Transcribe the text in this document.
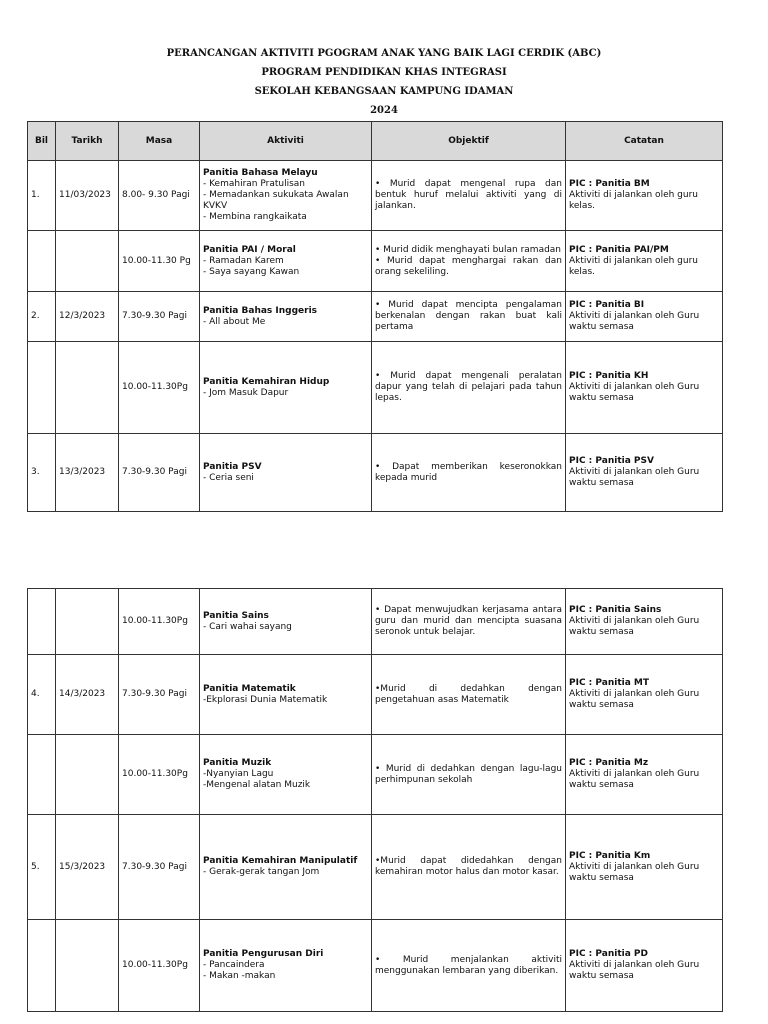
PERANCANGAN AKTIVITI PGOGRAM ANAK YANG BAIK LAGI CERDIK (ABC)
PROGRAM PENDIDIKAN KHAS INTEGRASI
SEKOLAH KEBANGSAAN KAMPUNG IDAMAN
2024
Bil	Tarikh	Masa	Aktiviti	Objektif	Catatan
1.	11/03/2023	8.00- 9.30 Pagi	Panitia Bahasa Melayu
- Kemahiran Pratulisan
- Memadankan sukukata Awalan KVKV
- Membina rangkaikata	• Murid dapat mengenal rupa dan bentuk huruf melalui aktiviti yang di jalankan.	PIC : Panitia BM
Aktiviti di jalankan oleh guru kelas.

		10.00-11.30 Pg	Panitia PAI / Moral
- Ramadan Karem
- Saya sayang Kawan	• Murid didik menghayati bulan ramadan
• Murid dapat menghargai rakan dan orang sekeliling.	PIC : Panitia PAI/PM
Aktiviti di jalankan oleh guru kelas.

2.	12/3/2023	7.30-9.30 Pagi	Panitia Bahas Inggeris
- All about Me	• Murid dapat mencipta pengalaman berkenalan dengan rakan buat kali pertama	PIC : Panitia BI
Aktiviti di jalankan oleh Guru waktu semasa

		10.00-11.30Pg	Panitia Kemahiran Hidup
- Jom Masuk Dapur	• Murid dapat mengenali peralatan dapur yang telah di pelajari pada tahun lepas.	PIC : Panitia KH
Aktiviti di jalankan oleh Guru waktu semasa

3.	13/3/2023	7.30-9.30 Pagi	Panitia PSV
- Ceria seni	• Dapat memberikan keseronokkan kepada murid	PIC : Panitia PSV
Aktiviti di jalankan oleh Guru waktu semasa
		10.00-11.30Pg	Panitia Sains
- Cari wahai sayang	• Dapat menwujudkan kerjasama antara guru dan murid dan mencipta suasana seronok untuk belajar.	PIC : Panitia Sains
Aktiviti di jalankan oleh Guru waktu semasa

4.	14/3/2023	7.30-9.30 Pagi	Panitia Matematik
-Ekplorasi Dunia Matematik	•Murid di dedahkan dengan pengetahuan asas Matematik	PIC : Panitia MT
Aktiviti di jalankan oleh Guru waktu semasa

		10.00-11.30Pg	Panitia Muzik
-Nyanyian Lagu
-Mengenal alatan Muzik	• Murid di dedahkan dengan lagu-lagu perhimpunan sekolah	PIC : Panitia Mz
Aktiviti di jalankan oleh Guru waktu semasa

5.	15/3/2023	7.30-9.30 Pagi	Panitia Kemahiran Manipulatif
- Gerak-gerak tangan Jom	•Murid dapat didedahkan dengan kemahiran motor halus dan motor kasar.	PIC : Panitia Km
Aktiviti di jalankan oleh Guru waktu semasa

		10.00-11.30Pg	Panitia Pengurusan Diri
- Pancaindera
- Makan -makan	• Murid menjalankan aktiviti menggunakan lembaran yang diberikan.	PIC : Panitia PD
Aktiviti di jalankan oleh Guru waktu semasa
